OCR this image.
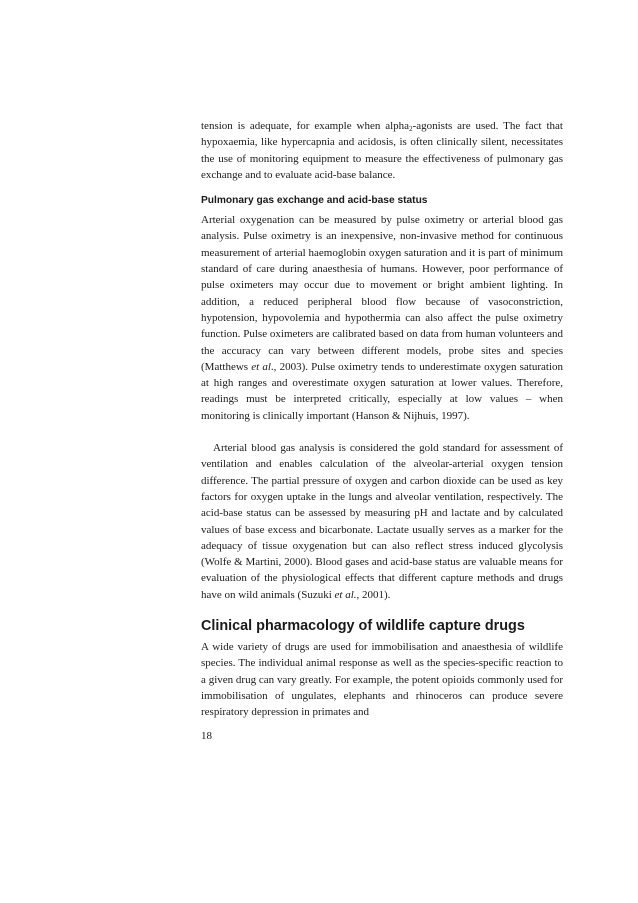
tension is adequate, for example when alpha$_2$-agonists are used. The fact that hypoxaemia, like hypercapnia and acidosis, is often clinically silent, necessitates the use of monitoring equipment to measure the effectiveness of pulmonary gas exchange and to evaluate acid-base balance.

Pulmonary gas exchange and acid-base status

Arterial oxygenation can be measured by pulse oximetry or arterial blood gas analysis. Pulse oximetry is an inexpensive, non-invasive method for continuous measurement of arterial haemoglobin oxygen saturation and it is part of minimum standard of care during anaesthesia of humans. However, poor performance of pulse oximeters may occur due to movement or bright ambient lighting. In addition, a reduced peripheral blood flow because of vasoconstriction, hypotension, hypovolemia and hypothermia can also affect the pulse oximetry function. Pulse oximeters are calibrated based on data from human volunteers and the accuracy can vary between different models, probe sites and species (Matthews et al., 2003). Pulse oximetry tends to underestimate oxygen saturation at high ranges and overestimate oxygen saturation at lower values. Therefore, readings must be interpreted critically, especially at low values – when monitoring is clinically important (Hanson & Nijhuis, 1997).

Arterial blood gas analysis is considered the gold standard for assessment of ventilation and enables calculation of the alveolar-arterial oxygen tension difference. The partial pressure of oxygen and carbon dioxide can be used as key factors for oxygen uptake in the lungs and alveolar ventilation, respectively. The acid-base status can be assessed by measuring pH and lactate and by calculated values of base excess and bicarbonate. Lactate usually serves as a marker for the adequacy of tissue oxygenation but can also reflect stress induced glycolysis (Wolfe & Martini, 2000). Blood gases and acid-base status are valuable means for evaluation of the physiological effects that different capture methods and drugs have on wild animals (Suzuki et al., 2001).

Clinical pharmacology of wildlife capture drugs

A wide variety of drugs are used for immobilisation and anaesthesia of wildlife species. The individual animal response as well as the species-specific reaction to a given drug can vary greatly. For example, the potent opioids commonly used for immobilisation of ungulates, elephants and rhinoceros can produce severe respiratory depression in primates and

18
